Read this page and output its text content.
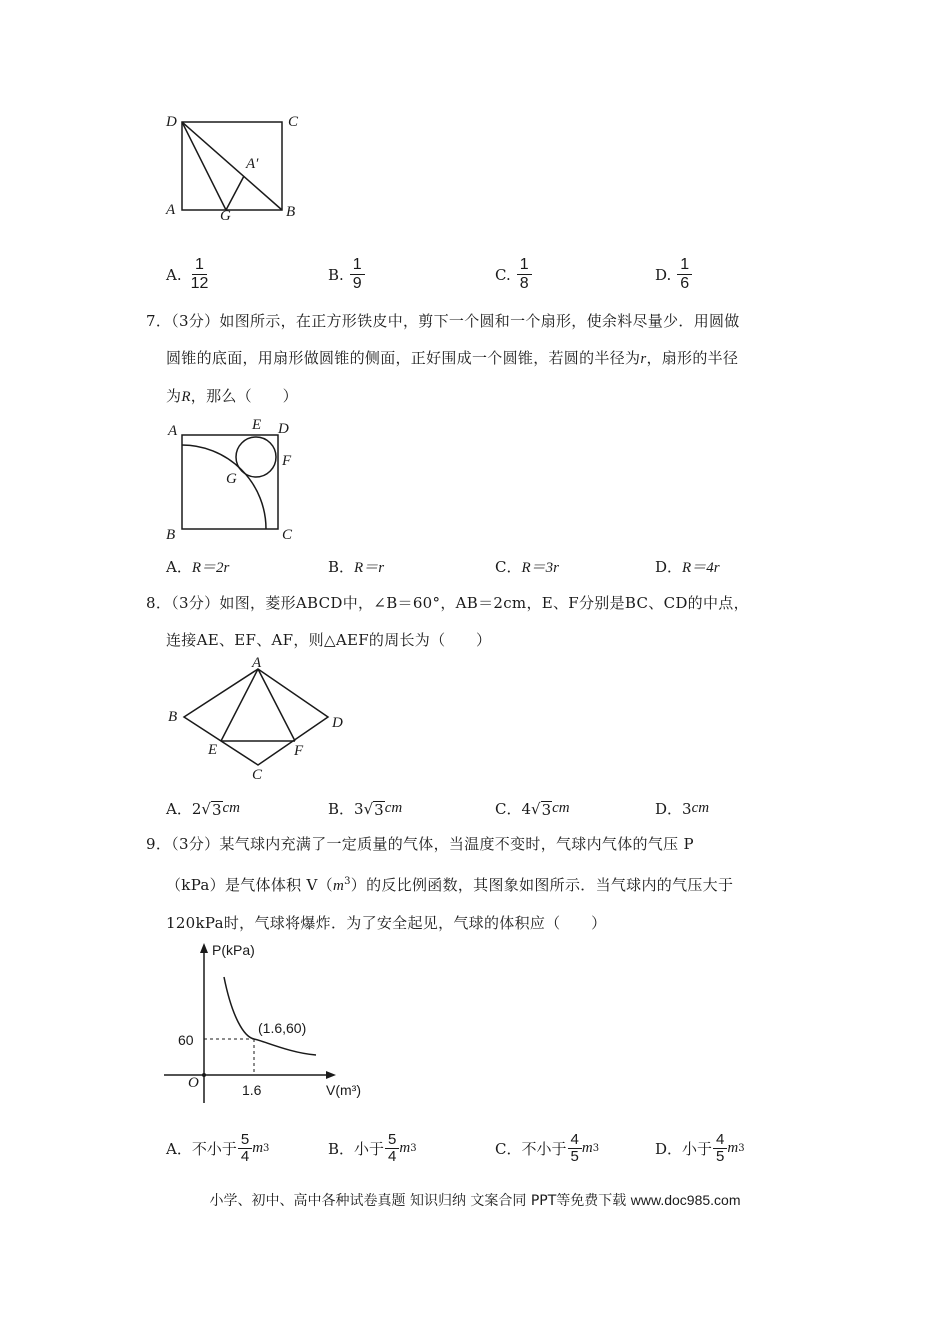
D	C
A	B
G
A′
A. $\frac{1}{12}$	B. $\frac{1}{9}$	C. $\frac{1}{8}$	D. $\frac{1}{6}$
7．（3分）如图所示，在正方形铁皮中，剪下一个圆和一个扇形，使余料尽量少．用圆做
圆锥的底面，用扇形做圆锥的侧面，正好围成一个圆锥，若圆的半径为r，扇形的半径
为R，那么（　　）
A	E D
F
G
B	C
A． R＝2r	B． R＝r	C． R＝3r	D． R＝4r
8．（3分）如图，菱形ABCD中，∠B＝60°，AB＝2cm，E、F分别是BC、CD的中点，
连接AE、EF、AF，则△AEF的周长为（　　）
A
B
C
D
E	F
A． 2 √ 3 cm	B． 3 √ 3 cm	C． 4 √ 3 cm	D． 3 cm
9．（3分）某气球内充满了一定质量的气体，当温度不变时，气球内气体的气压 P
（kPa）是气体体积 $V(m^3)$的反比例函数，其图象如图所示．当气球内的气压大于
120kPa时，气球将爆炸．为了安全起见，气球的体积应（　　）
P(kPa)
V(m³)
O
60
1.6
(1.6,60)
A． 不小于 $\frac{5}{4}$ m 3	B． 小于 $\frac{5}{4}$ m 3	C． 不小于 $\frac{4}{5}$ m 3	D． 小于 $\frac{4}{5}$ m 3
小学、初中、高中各种试卷真题 知识归纳 文案合同 PPT等免费下载 www.doc985.com
